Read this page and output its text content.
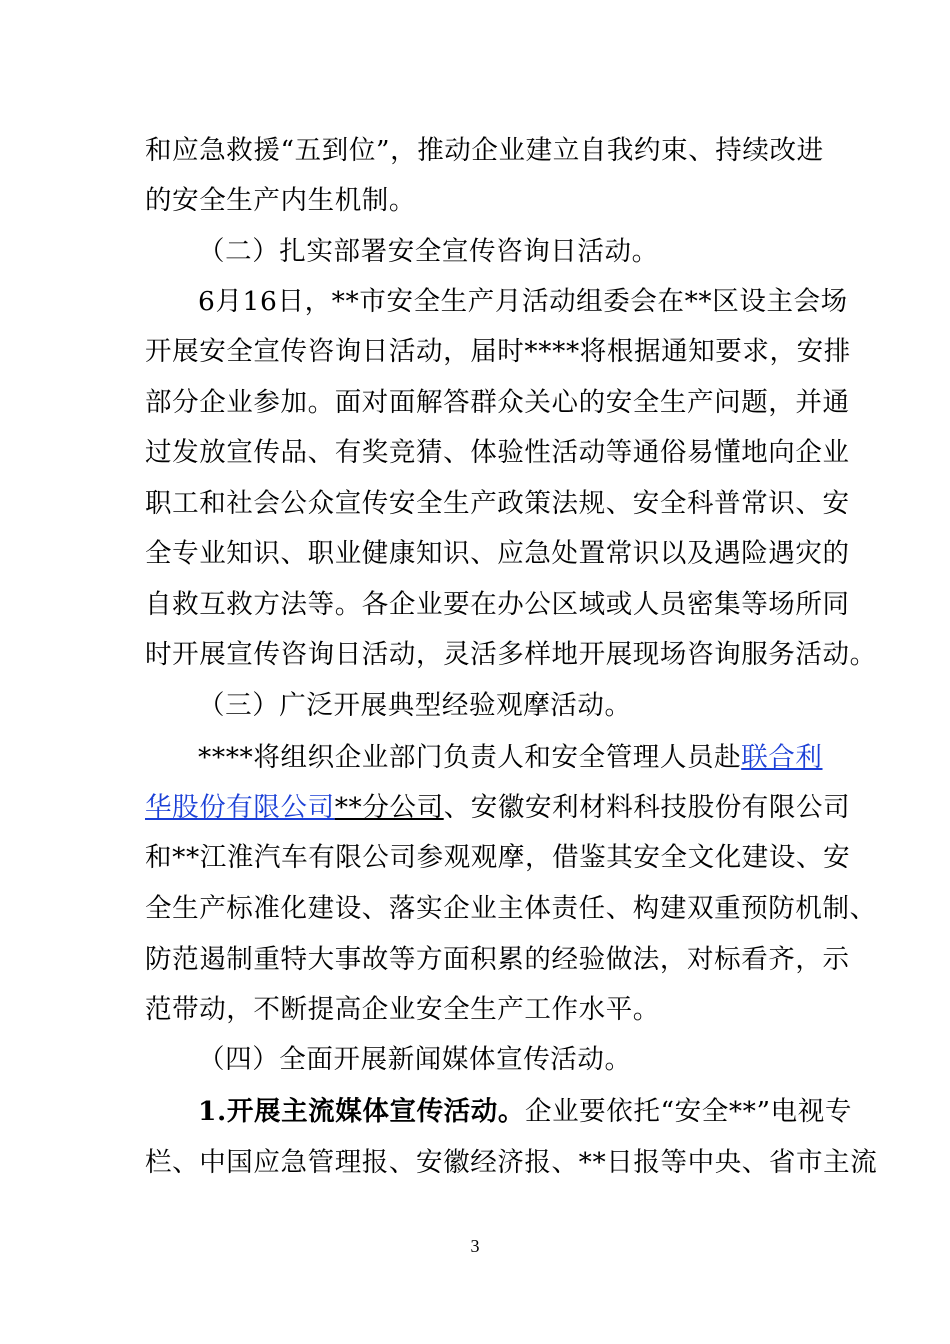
和应急救援“五到位”，推动企业建立自我约束、持续改进
的安全生产内生机制。
（二）扎实部署安全宣传咨询日活动。
6月16日，**市安全生产月活动组委会在**区设主会场
开展安全宣传咨询日活动，届时****将根据通知要求，安排
部分企业参加。面对面解答群众关心的安全生产问题，并通
过发放宣传品、有奖竞猜、体验性活动等通俗易懂地向企业
职工和社会公众宣传安全生产政策法规、安全科普常识、安
全专业知识、职业健康知识、应急处置常识以及遇险遇灾的
自救互救方法等。各企业要在办公区域或人员密集等场所同
时开展宣传咨询日活动，灵活多样地开展现场咨询服务活动。
（三）广泛开展典型经验观摩活动。
****将组织企业部门负责人和安全管理人员赴联合利
华股份有限公司**分公司、安徽安利材料科技股份有限公司
和**江淮汽车有限公司参观观摩，借鉴其安全文化建设、安
全生产标准化建设、落实企业主体责任、构建双重预防机制、
防范遏制重特大事故等方面积累的经验做法，对标看齐，示
范带动，不断提高企业安全生产工作水平。
（四）全面开展新闻媒体宣传活动。
1.开展主流媒体宣传活动。企业要依托“安全**”电视专
栏、中国应急管理报、安徽经济报、**日报等中央、省市主流
3
